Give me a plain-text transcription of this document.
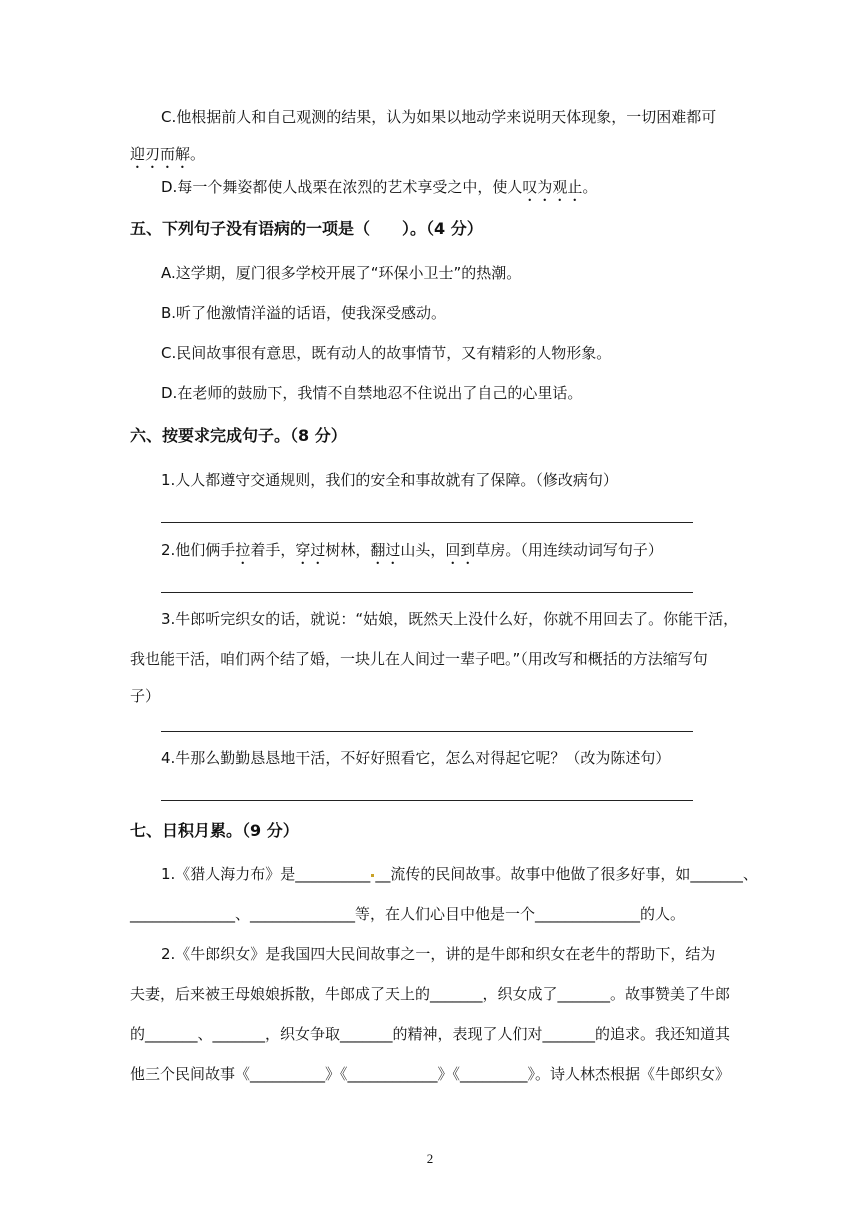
C.他根据前人和自己观测的结果，认为如果以地动学来说明天体现象，一切困难都可
迎刃而解。
D.每一个舞姿都使人战栗在浓烈的艺术享受之中，使人叹为观止。
五、下列句子没有语病的一项是（　　）。（4 分）
A.这学期，厦门很多学校开展了“环保小卫士”的热潮。
B.听了他激情洋溢的话语，使我深受感动。
C.民间故事很有意思，既有动人的故事情节，又有精彩的人物形象。
D.在老师的鼓励下，我情不自禁地忍不住说出了自己的心里话。
六、按要求完成句子。（8 分）
1.人人都遵守交通规则，我们的安全和事故就有了保障。（修改病句）
2.他们俩手拉着手，穿过树林，翻过山头，回到草房。（用连续动词写句子）
3.牛郎听完织女的话，就说：“姑娘，既然天上没什么好，你就不用回去了。你能干活，
我也能干活，咱们两个结了婚，一块儿在人间过一辈子吧。”（用改写和概括的方法缩写句
子）
4.牛那么勤勤恳恳地干活，不好好照看它，怎么对得起它呢？（改为陈述句）
七、日积月累。（9 分）
1.《猎人海力布》是__________ __流传的民间故事。故事中他做了很多好事，如_______、
______________、______________等，在人们心目中他是一个______________的人。
2.《牛郎织女》是我国四大民间故事之一，讲的是牛郎和织女在老牛的帮助下，结为
夫妻，后来被王母娘娘拆散，牛郎成了天上的_______，织女成了_______。故事赞美了牛郎
的_______、_______，织女争取_______的精神，表现了人们对_______的追求。我还知道其
他三个民间故事《__________》《____________》《_________》。诗人林杰根据《牛郎织女》
2
